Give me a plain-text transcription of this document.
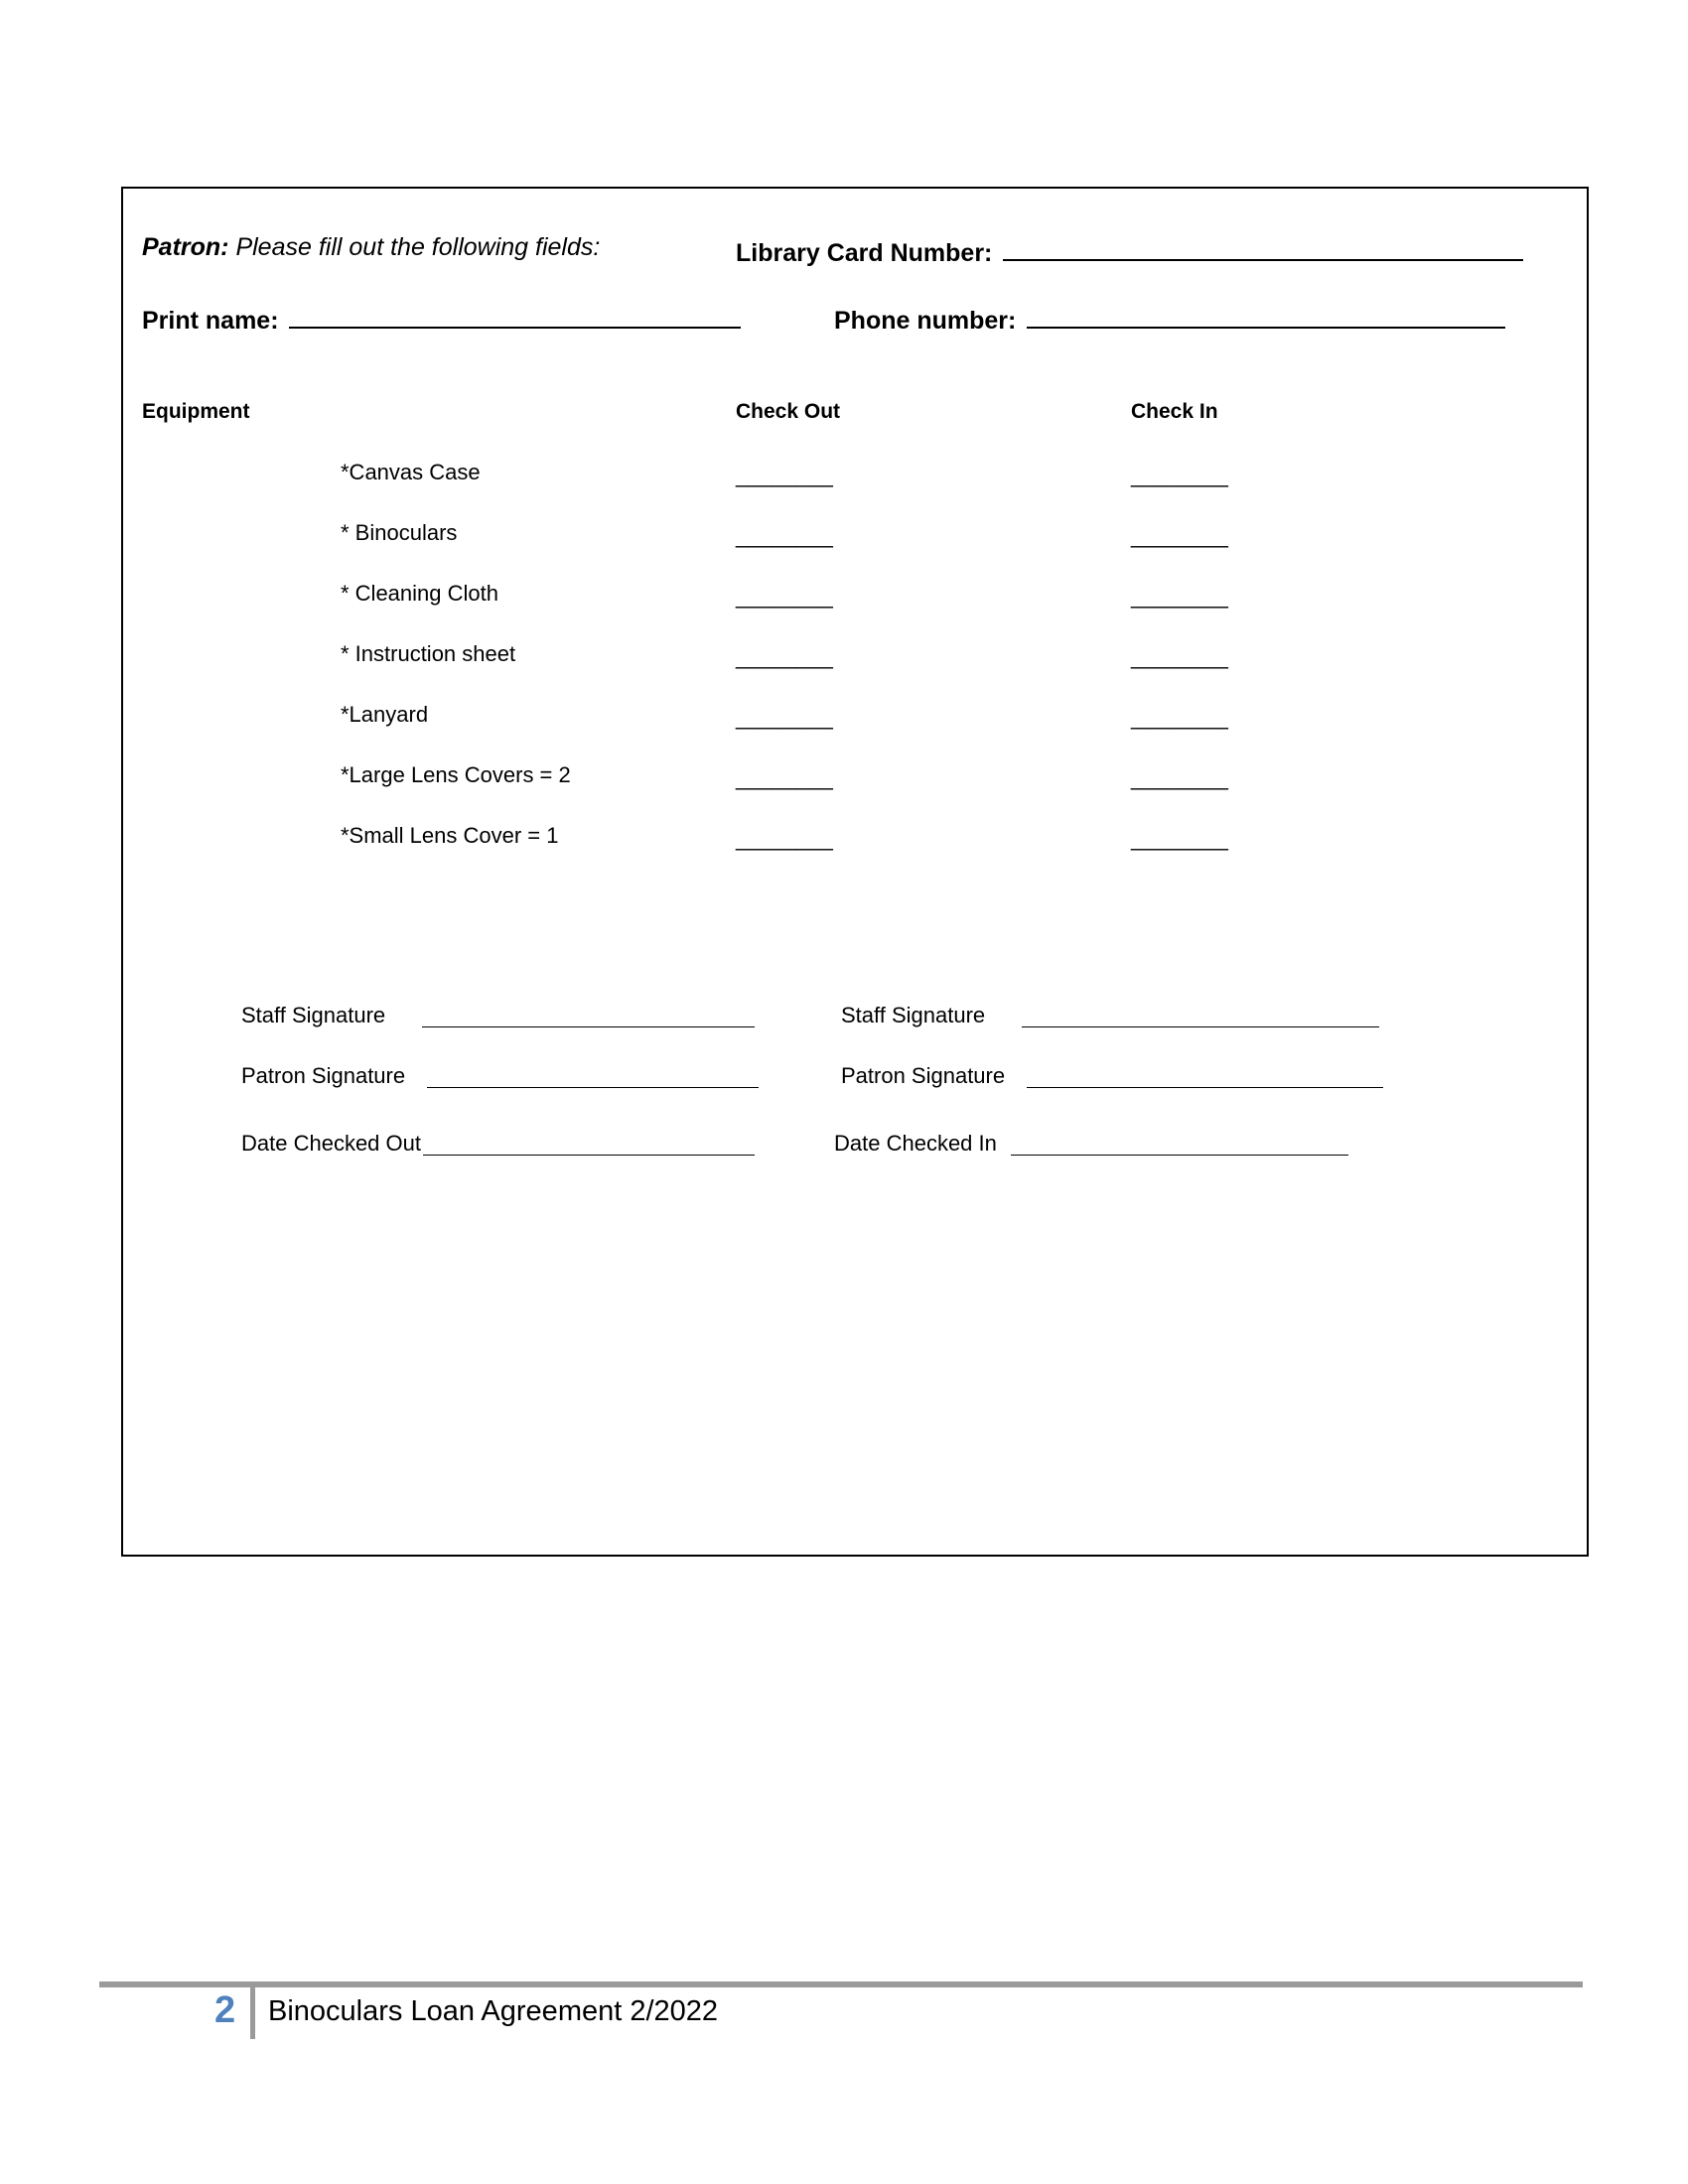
Patron: Please fill out the following fields:	Library Card Number:
Print name:	Phone number:
Equipment	Check Out	Check In
*Canvas Case	________	________
* Binoculars	________	________
* Cleaning Cloth	________	________
* Instruction sheet	________	________
*Lanyard	________	________
*Large Lens Covers = 2	________	________
*Small Lens Cover = 1	________	________
Staff Signature
Patron Signature
Date Checked Out
Staff Signature
Patron Signature
Date Checked In
2 Binoculars Loan Agreement 2/2022
